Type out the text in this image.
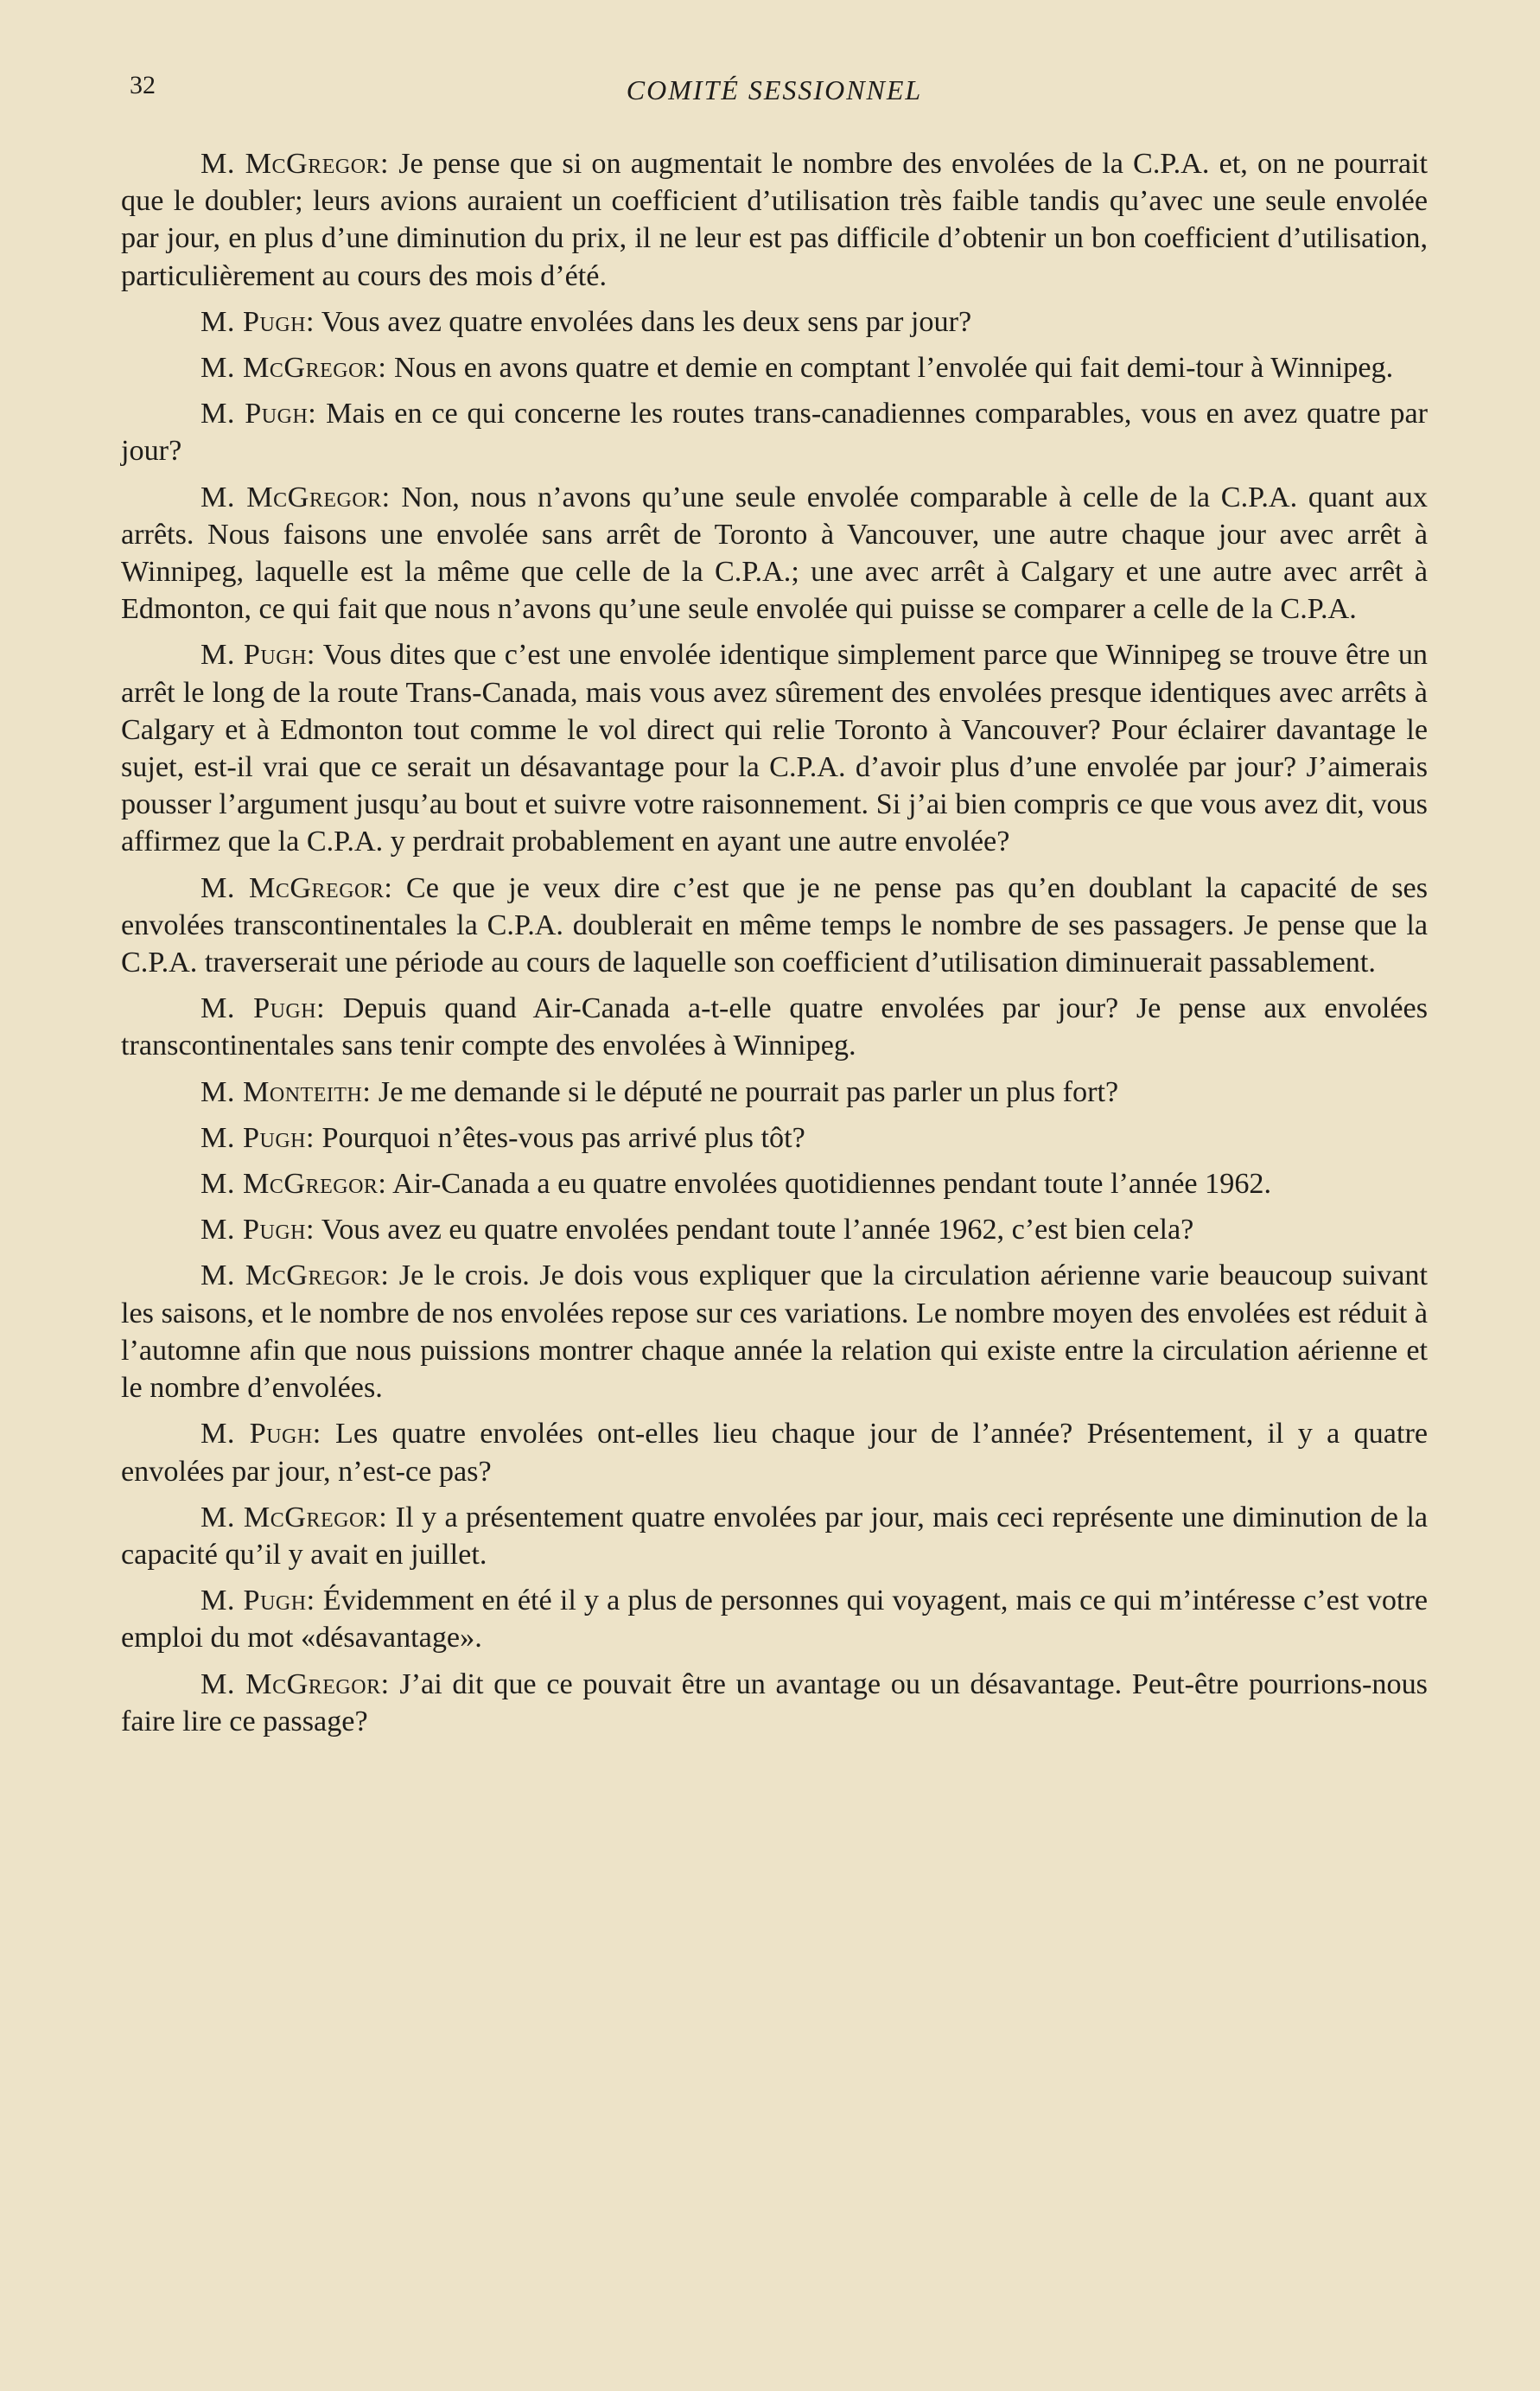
32	COMITÉ SESSIONNEL

M. McGregor: Je pense que si on augmentait le nombre des envolées de la C.P.A. et, on ne pourrait que le doubler; leurs avions auraient un coefficient d’utilisation très faible tandis qu’avec une seule envolée par jour, en plus d’une diminution du prix, il ne leur est pas difficile d’obtenir un bon coefficient d’utilisation, particulièrement au cours des mois d’été.

M. Pugh: Vous avez quatre envolées dans les deux sens par jour?

M. McGregor: Nous en avons quatre et demie en comptant l’envolée qui fait demi-tour à Winnipeg.

M. Pugh: Mais en ce qui concerne les routes trans-canadiennes comparables, vous en avez quatre par jour?

M. McGregor: Non, nous n’avons qu’une seule envolée comparable à celle de la C.P.A. quant aux arrêts. Nous faisons une envolée sans arrêt de Toronto à Vancouver, une autre chaque jour avec arrêt à Winnipeg, laquelle est la même que celle de la C.P.A.; une avec arrêt à Calgary et une autre avec arrêt à Edmonton, ce qui fait que nous n’avons qu’une seule envolée qui puisse se comparer a celle de la C.P.A.

M. Pugh: Vous dites que c’est une envolée identique simplement parce que Winnipeg se trouve être un arrêt le long de la route Trans-Canada, mais vous avez sûrement des envolées presque identiques avec arrêts à Calgary et à Edmonton tout comme le vol direct qui relie Toronto à Vancouver? Pour éclairer davantage le sujet, est-il vrai que ce serait un désavantage pour la C.P.A. d’avoir plus d’une envolée par jour? J’aimerais pousser l’argument jusqu’au bout et suivre votre raisonnement. Si j’ai bien compris ce que vous avez dit, vous affirmez que la C.P.A. y perdrait probablement en ayant une autre envolée?

M. McGregor: Ce que je veux dire c’est que je ne pense pas qu’en doublant la capacité de ses envolées transcontinentales la C.P.A. doublerait en même temps le nombre de ses passagers. Je pense que la C.P.A. traverserait une période au cours de laquelle son coefficient d’utilisation diminuerait passablement.

M. Pugh: Depuis quand Air-Canada a-t-elle quatre envolées par jour? Je pense aux envolées transcontinentales sans tenir compte des envolées à Winnipeg.

M. Monteith: Je me demande si le député ne pourrait pas parler un plus fort?

M. Pugh: Pourquoi n’êtes-vous pas arrivé plus tôt?

M. McGregor: Air-Canada a eu quatre envolées quotidiennes pendant toute l’année 1962.

M. Pugh: Vous avez eu quatre envolées pendant toute l’année 1962, c’est bien cela?

M. McGregor: Je le crois. Je dois vous expliquer que la circulation aérienne varie beaucoup suivant les saisons, et le nombre de nos envolées repose sur ces variations. Le nombre moyen des envolées est réduit à l’automne afin que nous puissions montrer chaque année la relation qui existe entre la circulation aérienne et le nombre d’envolées.

M. Pugh: Les quatre envolées ont-elles lieu chaque jour de l’année? Présentement, il y a quatre envolées par jour, n’est-ce pas?

M. McGregor: Il y a présentement quatre envolées par jour, mais ceci représente une diminution de la capacité qu’il y avait en juillet.

M. Pugh: Évidemment en été il y a plus de personnes qui voyagent, mais ce qui m’intéresse c’est votre emploi du mot «désavantage».

M. McGregor: J’ai dit que ce pouvait être un avantage ou un désavantage. Peut-être pourrions-nous faire lire ce passage?
